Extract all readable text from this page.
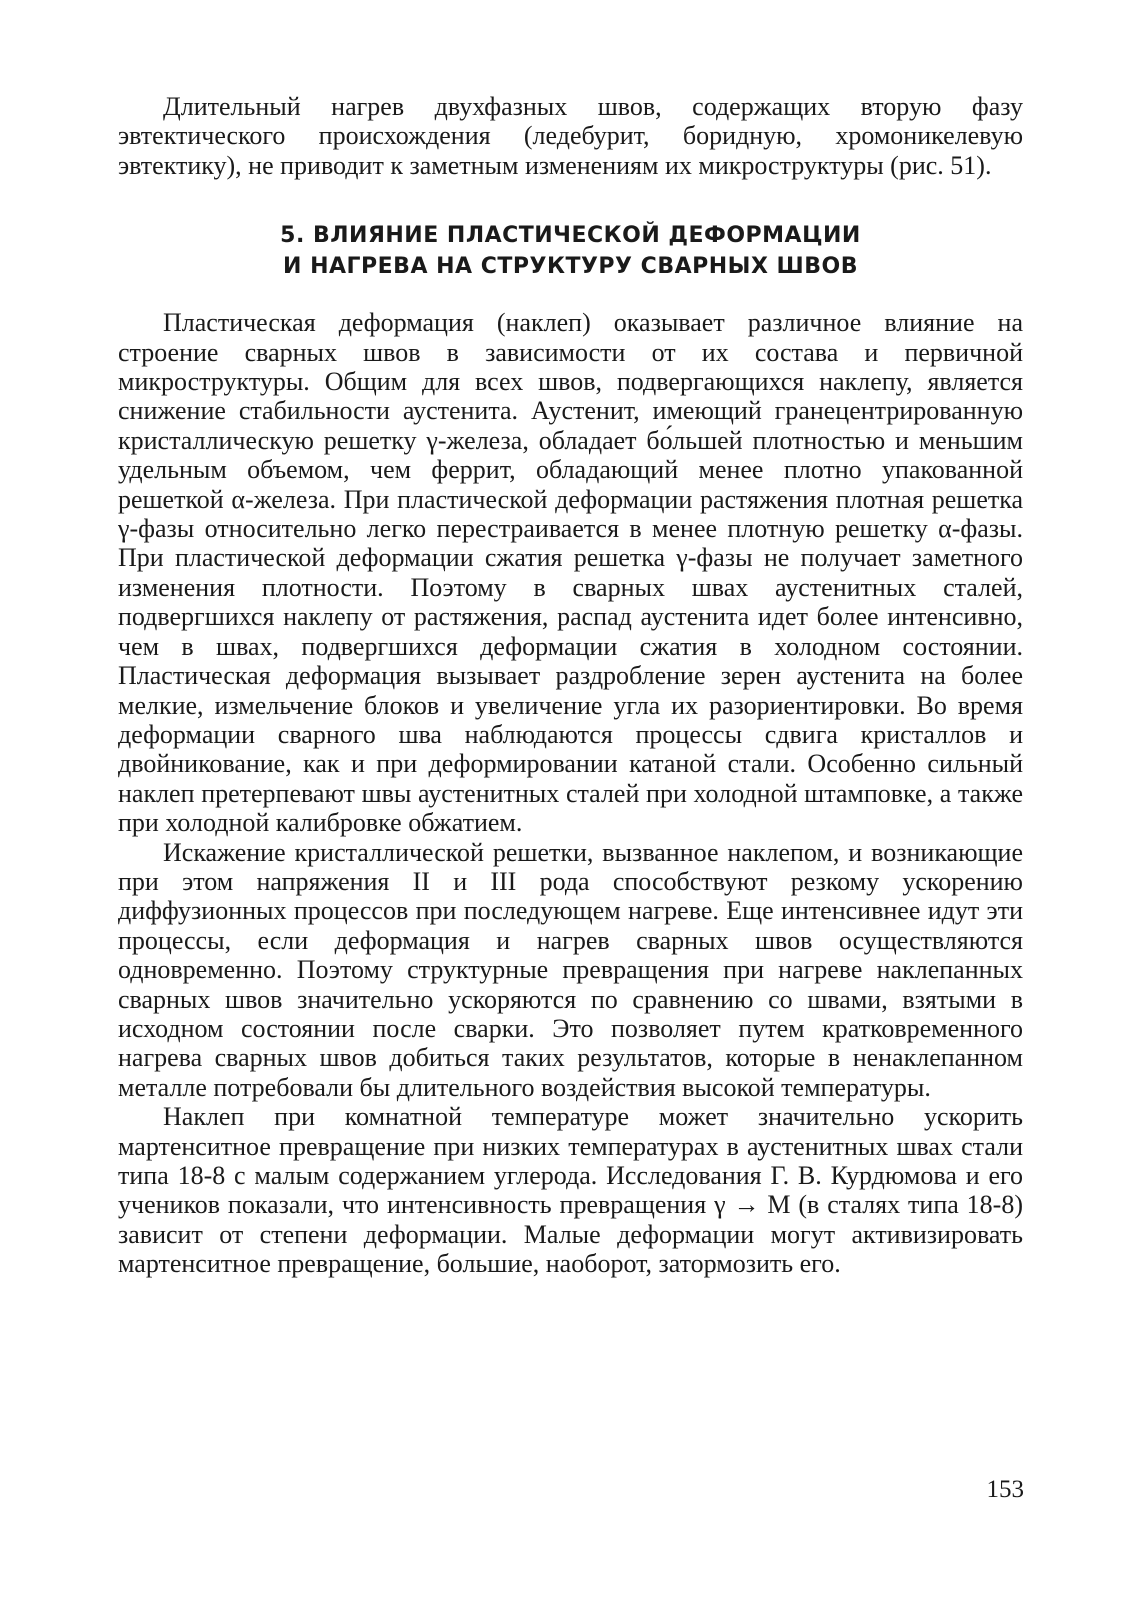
Длительный нагрев двухфазных швов, содержащих вторую фазу эвтектического происхождения (ледебурит, боридную, хромоникелевую эвтектику), не приводит к заметным изменениям их микроструктуры (рис. 51).

5. ВЛИЯНИЕ ПЛАСТИЧЕСКОЙ ДЕФОРМАЦИИ
И НАГРЕВА НА СТРУКТУРУ СВАРНЫХ ШВОВ

Пластическая деформация (наклеп) оказывает различное влияние на строение сварных швов в зависимости от их состава и первичной микроструктуры. Общим для всех швов, подвергающихся наклепу, является снижение стабильности аустенита. Аустенит, имеющий гранецентрированную кристаллическую решетку γ-железа, обладает бо́льшей плотностью и меньшим удельным объемом, чем феррит, обладающий менее плотно упакованной решеткой α-железа. При пластической деформации растяжения плотная решетка γ-фазы относительно легко перестраивается в менее плотную решетку α-фазы. При пластической деформации сжатия решетка γ-фазы не получает заметного изменения плотности. Поэтому в сварных швах аустенитных сталей, подвергшихся наклепу от растяжения, распад аустенита идет более интенсивно, чем в швах, подвергшихся деформации сжатия в холодном состоянии. Пластическая деформация вызывает раздробление зерен аустенита на более мелкие, измельчение блоков и увеличение угла их разориентировки. Во время деформации сварного шва наблюдаются процессы сдвига кристаллов и двойникование, как и при деформировании катаной стали. Особенно сильный наклеп претерпевают швы аустенитных сталей при холодной штамповке, а также при холодной калибровке обжатием.

Искажение кристаллической решетки, вызванное наклепом, и возникающие при этом напряжения II и III рода способствуют резкому ускорению диффузионных процессов при последующем нагреве. Еще интенсивнее идут эти процессы, если деформация и нагрев сварных швов осуществляются одновременно. Поэтому структурные превращения при нагреве наклепанных сварных швов значительно ускоряются по сравнению со швами, взятыми в исходном состоянии после сварки. Это позволяет путем кратковременного нагрева сварных швов добиться таких результатов, которые в ненаклепанном металле потребовали бы длительного воздействия высокой температуры.

Наклеп при комнатной температуре может значительно ускорить мартенситное превращение при низких температурах в аустенитных швах стали типа 18-8 с малым содержанием углерода. Исследования Г. В. Курдюмова и его учеников показали, что интенсивность превращения γ → M (в сталях типа 18-8) зависит от степени деформации. Малые деформации могут активизировать мартенситное превращение, большие, наоборот, затормозить его.

153
